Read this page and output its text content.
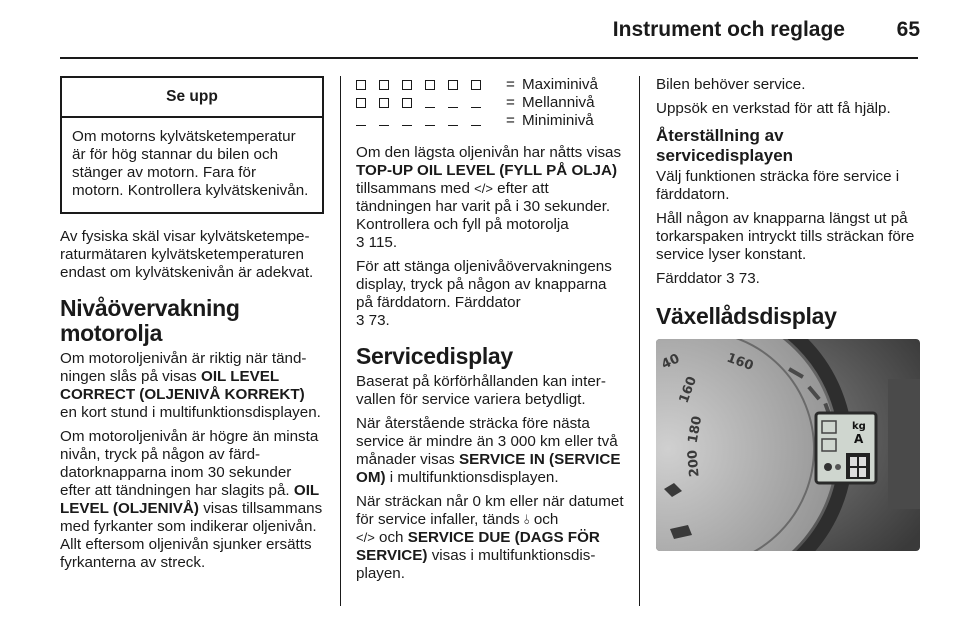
Instrument och reglage 65
Se upp
Om motorns kylvätsketemperatur är för hög stannar du bilen och stänger av motorn. Fara för motorn. Kontrollera kylvätskenivån.

Av fysiska skäl visar kylvätsketemperaturmätaren kylvätsketemperaturen endast om kylvätskenivån är adekvat.

Nivåövervakning motorolja

Om motoroljenivån är riktig när tändningen slås på visas OIL LEVEL CORRECT (OLJENIVÅ KORREKT) en kort stund i multifunktionsdisplayen.

Om motoroljenivån är högre än minsta nivån, tryck på någon av färddatorknapparna inom 30 sekunder efter att tändningen har slagits på. OIL LEVEL (OLJENIVÅ) visas tillsammans med fyrkanter som indikerar oljenivån. Allt eftersom oljenivån sjunker ersätts fyrkanterna av streck.

= Maximinivå
= Mellannivå
= Miniminivå

Om den lägsta oljenivån har nåtts visas TOP-UP OIL LEVEL (FYLL PÅ OLJA) tillsammans med </> efter att tändningen har varit på i 30 sekunder. Kontrollera och fyll på motorolja
3 115.

För att stänga oljenivåövervakningens display, tryck på någon av knapparna på färddatorn. Färddator
3 73.

Servicedisplay

Baserat på körförhållanden kan intervallen för service variera betydligt.

När återstående sträcka före nästa service är mindre än 3 000 km eller två månader visas SERVICE IN (SERVICE OM) i multifunktionsdisplayen.

När sträckan når 0 km eller när datumet för service infaller, tänds ⫰ och
</> och SERVICE DUE (DAGS FÖR SERVICE) visas i multifunktionsdisplayen.

Bilen behöver service.

Uppsök en verkstad för att få hjälp.

Återställning av servicedisplayen

Välj funktionen sträcka före service i färddatorn.

Håll någon av knapparna längst ut på torkarspaken intryckt tills sträckan före service lyser konstant.

Färddator 3 73.

Växellådsdisplay
40
160
180
200
160
kg
A
